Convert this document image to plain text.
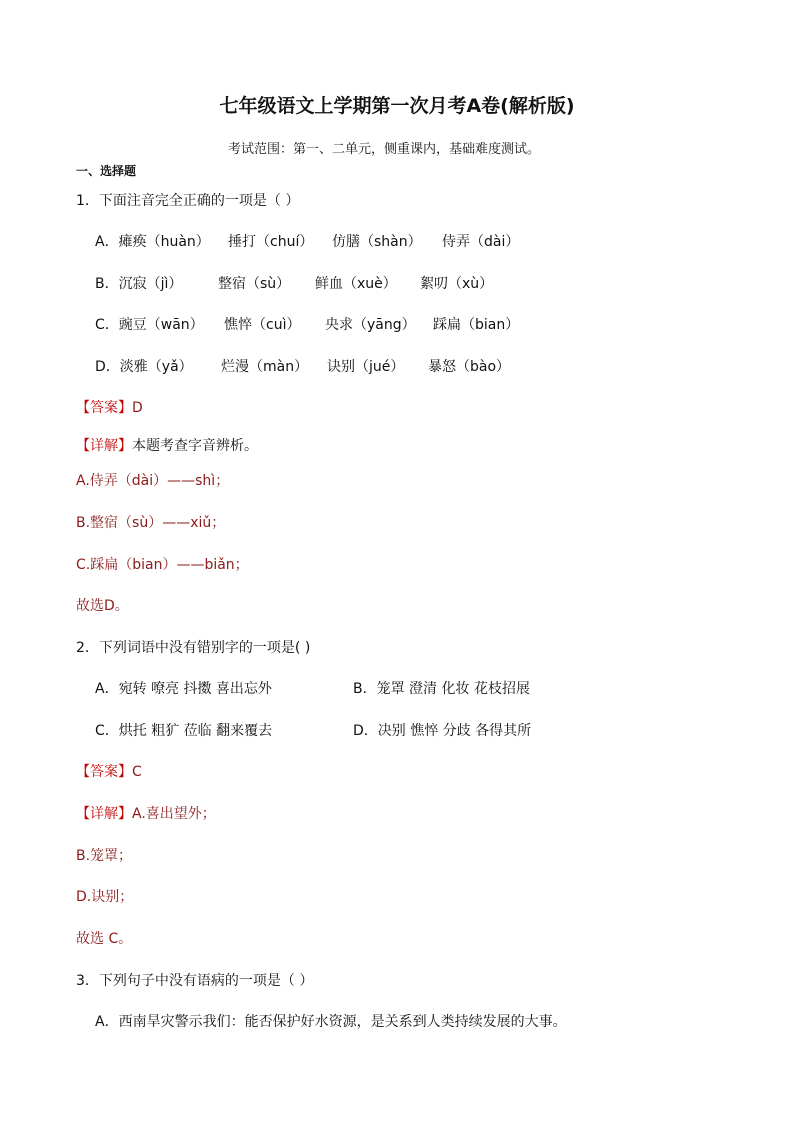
七年级语文上学期第一次月考A卷(解析版)
考试范围：第一、二单元，侧重课内，基础难度测试。
一、选择题
1．下面注音完全正确的一项是（ ）
A．瘫痪（huàn） 捶打（chuí） 仿膳（shàn） 侍弄（dài）
B．沉寂（jì）	整宿（sù） 鲜血（xuè） 絮叨（xù）
C．豌豆（wān） 憔悴（cuì） 央求（yāng） 踩扁（bian）
D．淡雅（yǎ） 烂漫（màn） 诀别（jué） 暴怒（bào）
【答案】D
【详解】本题考查字音辨析。
A.侍弄（dài）——shì；
B.整宿（sù）——xiǔ；
C.踩扁（bian）——biǎn；
故选D。
2．下列词语中没有错别字的一项是( )
A．宛转 嘹亮 抖擞 喜出忘外	B．笼罩 澄清 化妆 花枝招展
C．烘托 粗犷 莅临 翻来覆去	D．决别 憔悴 分歧 各得其所
【答案】C
【详解】A.喜出望外；
B.笼罩；
D.诀别；
故选 C。
3．下列句子中没有语病的一项是（ ）
A．西南旱灾警示我们：能否保护好水资源，是关系到人类持续发展的大事。
